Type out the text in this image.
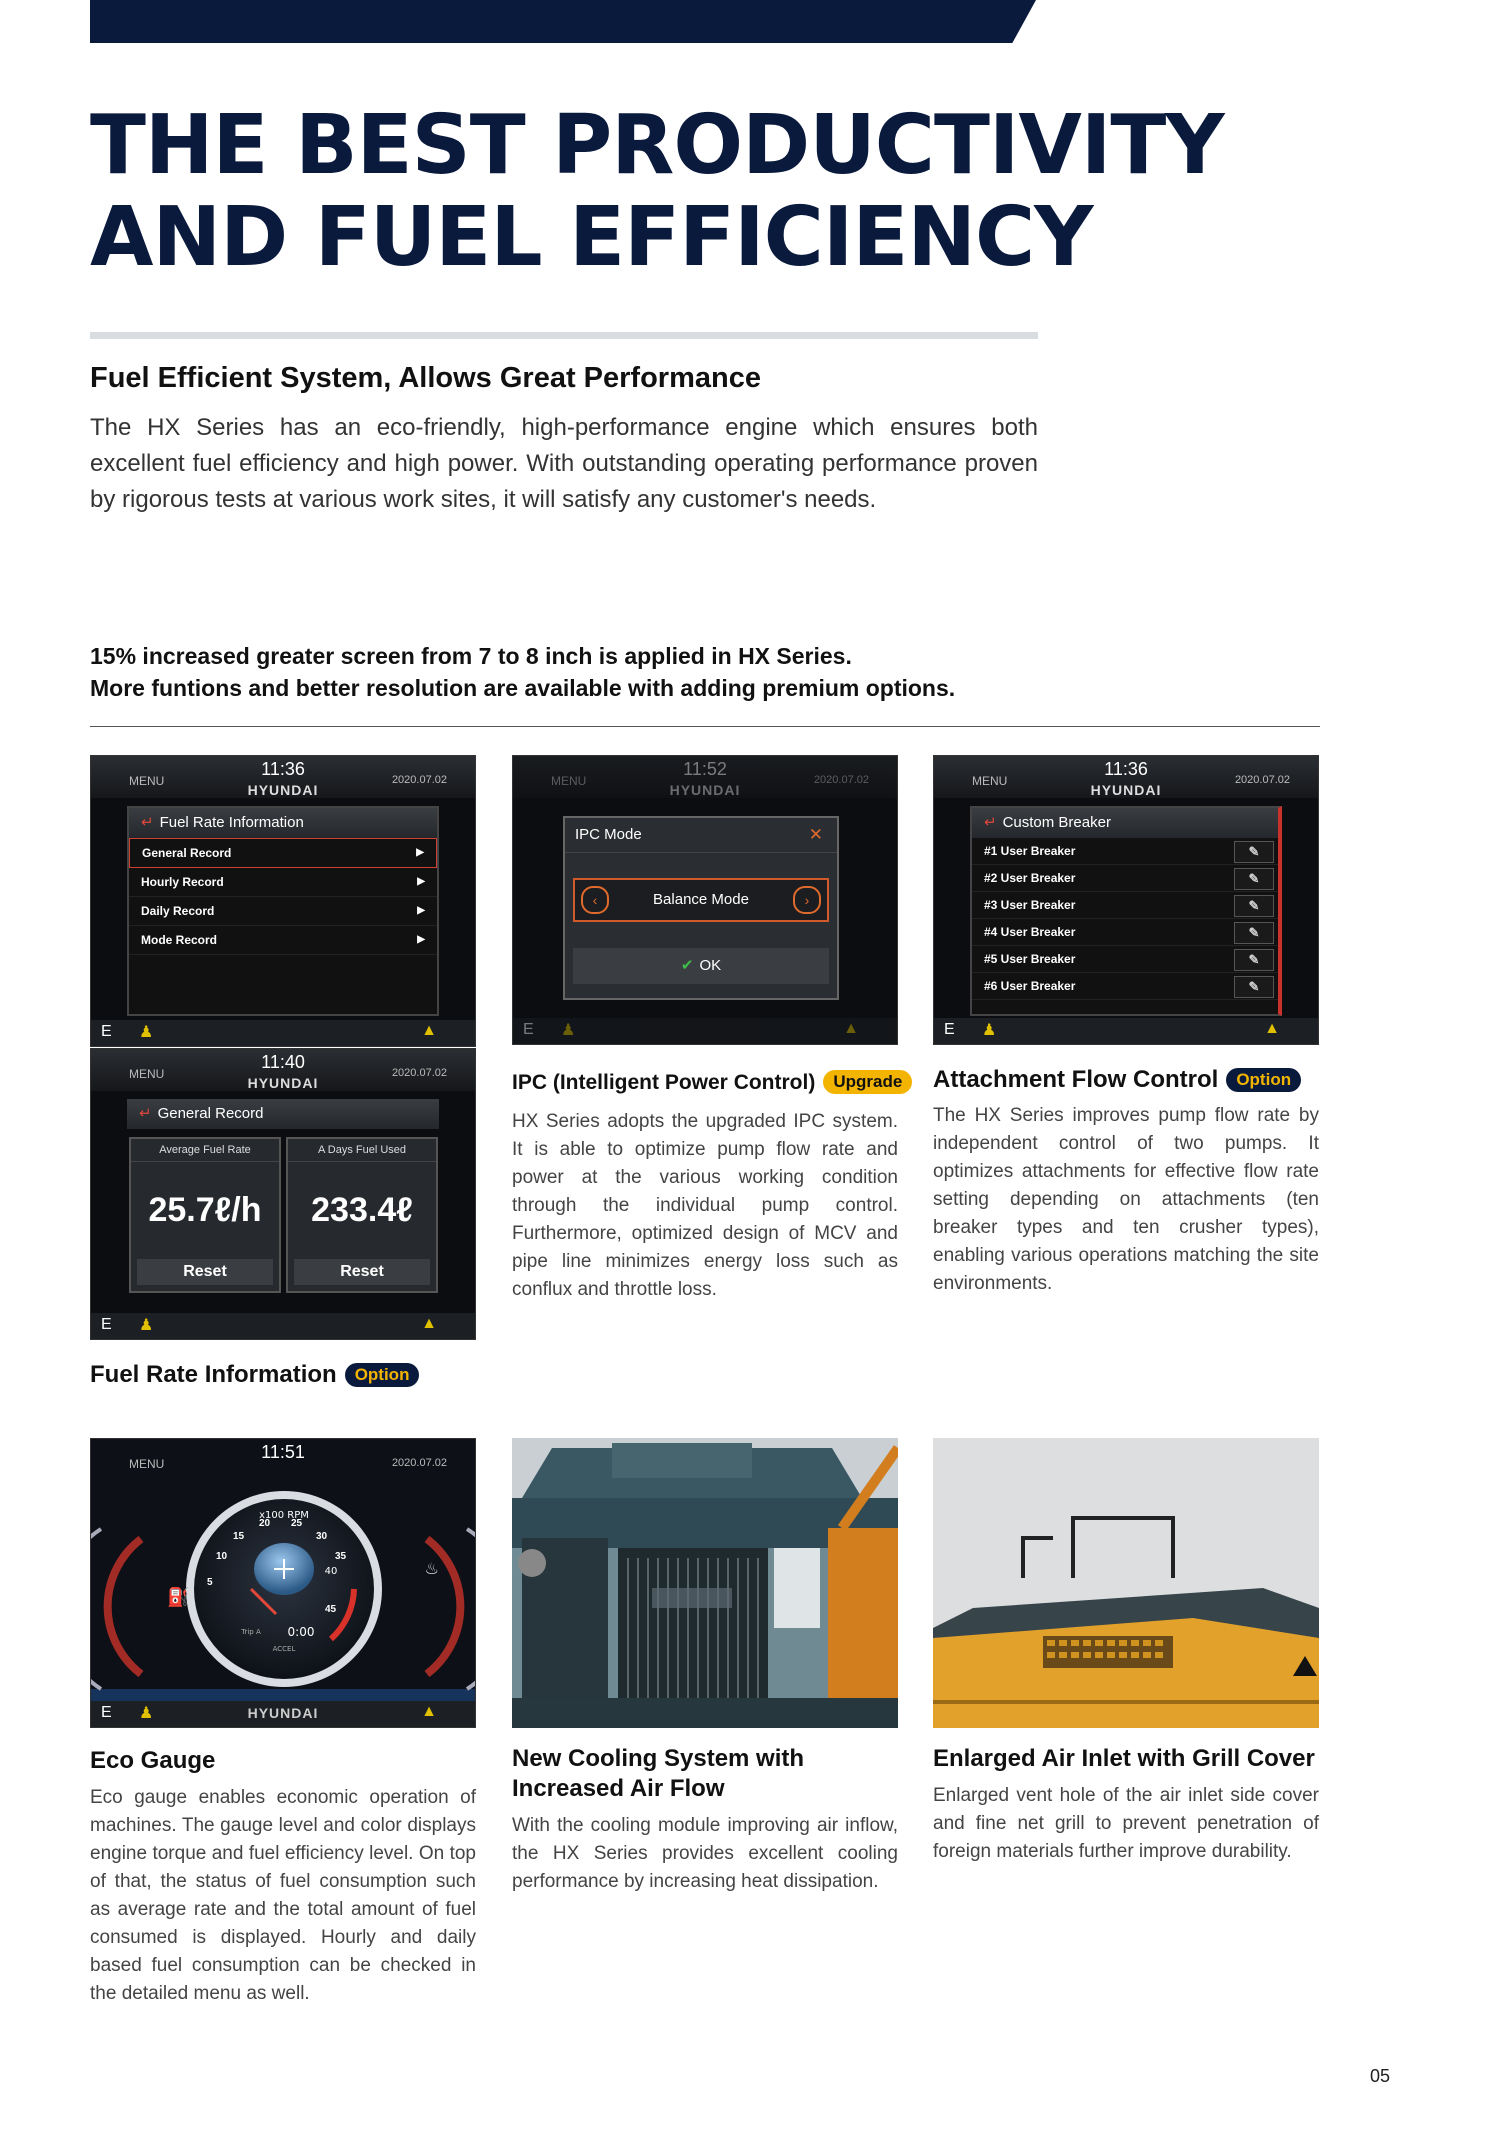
THE BEST PRODUCTIVITY
AND FUEL EFFICIENCY
Fuel Efficient System, Allows Great Performance

The HX Series has an eco-friendly, high-performance engine which ensures both excellent fuel efficiency and high power. With outstanding operating performance proven by rigorous tests at various work sites, it will satisfy any customer's needs.

15% increased greater screen from 7 to 8 inch is applied in HX Series.
More funtions and better resolution are available with adding premium options.

MENU
11:36
HYUNDAI
2020.07.02
↵ Fuel Rate Information
General Record	▶
Hourly Record	▶
Daily Record	▶
Mode Record	▶
E ♟	▲
MENU
11:40
HYUNDAI
2020.07.02
↵ General Record
Average Fuel Rate
25.7ℓ/h
Reset
A Days Fuel Used
233.4ℓ
Reset
E ♟	▲
Fuel Rate Information Option
MENU
11:52
HYUNDAI
2020.07.02
IPC Mode	✕
‹	Balance Mode	›
✔ OK
E ♟	▲
IPC (Intelligent Power Control) Upgrade

HX Series adopts the upgraded IPC system. It is able to optimize pump flow rate and power at the various working condition through the individual pump control. Furthermore, optimized design of MCV and pipe line minimizes energy loss such as conflux and throttle loss.

MENU
11:36
HYUNDAI
2020.07.02
↵ Custom Breaker
#1 User Breaker	✎
#2 User Breaker	✎
#3 User Breaker	✎
#4 User Breaker	✎
#5 User Breaker	✎
#6 User Breaker	✎
E ♟	▲
Attachment Flow Control Option

The HX Series improves pump flow rate by independent control of two pumps. It optimizes attachments for effective flow rate setting depending on attachments (ten breaker types and ten crusher types), enabling various operations matching the site environments.

MENU
11:51
2020.07.02
x100 RPM
40
Trip A 0:00
ACCEL
5
10
15
20 25
30
35
45
⛽
♨
E ♟	HYUNDAI	▲
Eco Gauge

Eco gauge enables economic operation of machines. The gauge level and color displays engine torque and fuel efficiency level. On top of that, the status of fuel consumption such as average rate and the total amount of fuel consumed is displayed. Hourly and daily based fuel consumption can be checked in the detailed menu as well.

New Cooling System with
Increased Air Flow

With the cooling module improving air inflow, the HX Series provides excellent cooling performance by increasing heat dissipation.

Enlarged Air Inlet with Grill Cover

Enlarged vent hole of the air inlet side cover and fine net grill to prevent penetration of foreign materials further improve durability.

05
